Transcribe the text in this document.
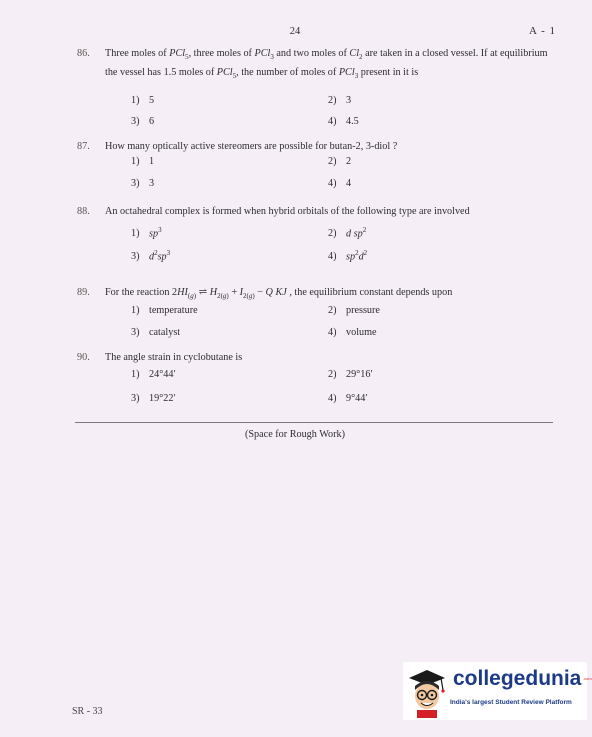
24	A - 1
86. Three moles of PCl$_5$, three moles of PCl$_3$ and two moles of $Cl_2$ are taken in a closed vessel. If at equilibrium the vessel has 1.5 moles of PCl$_5$, the number of moles of PCl$_3$ present in it is
1) 5	2) 3
3) 6	4) 4.5
87. How many optically active stereomers are possible for butan-2, 3-diol ?
1) 1	2) 2
3) 3	4) 4
88. An octahedral complex is formed when hybrid orbitals of the following type are involved
1) $sp^3$	2) d $sp^2$
3) $d^2sp^3$	4) $sp^2d^2$
89. For the reaction $2HI_{(g)}$ ⇌ $H_{2(g)} + I_{2(g)} - Q$ KJ , the equilibrium constant depends upon
1) temperature	2) pressure
3) catalyst	4) volume
90. The angle strain in cyclobutane is
1) 24°44′	2) 29°16′
3) 19°22′	4) 9°44′
(Space for Rough Work)
SR - 33
collegedunia .com
India's largest Student Review Platform
